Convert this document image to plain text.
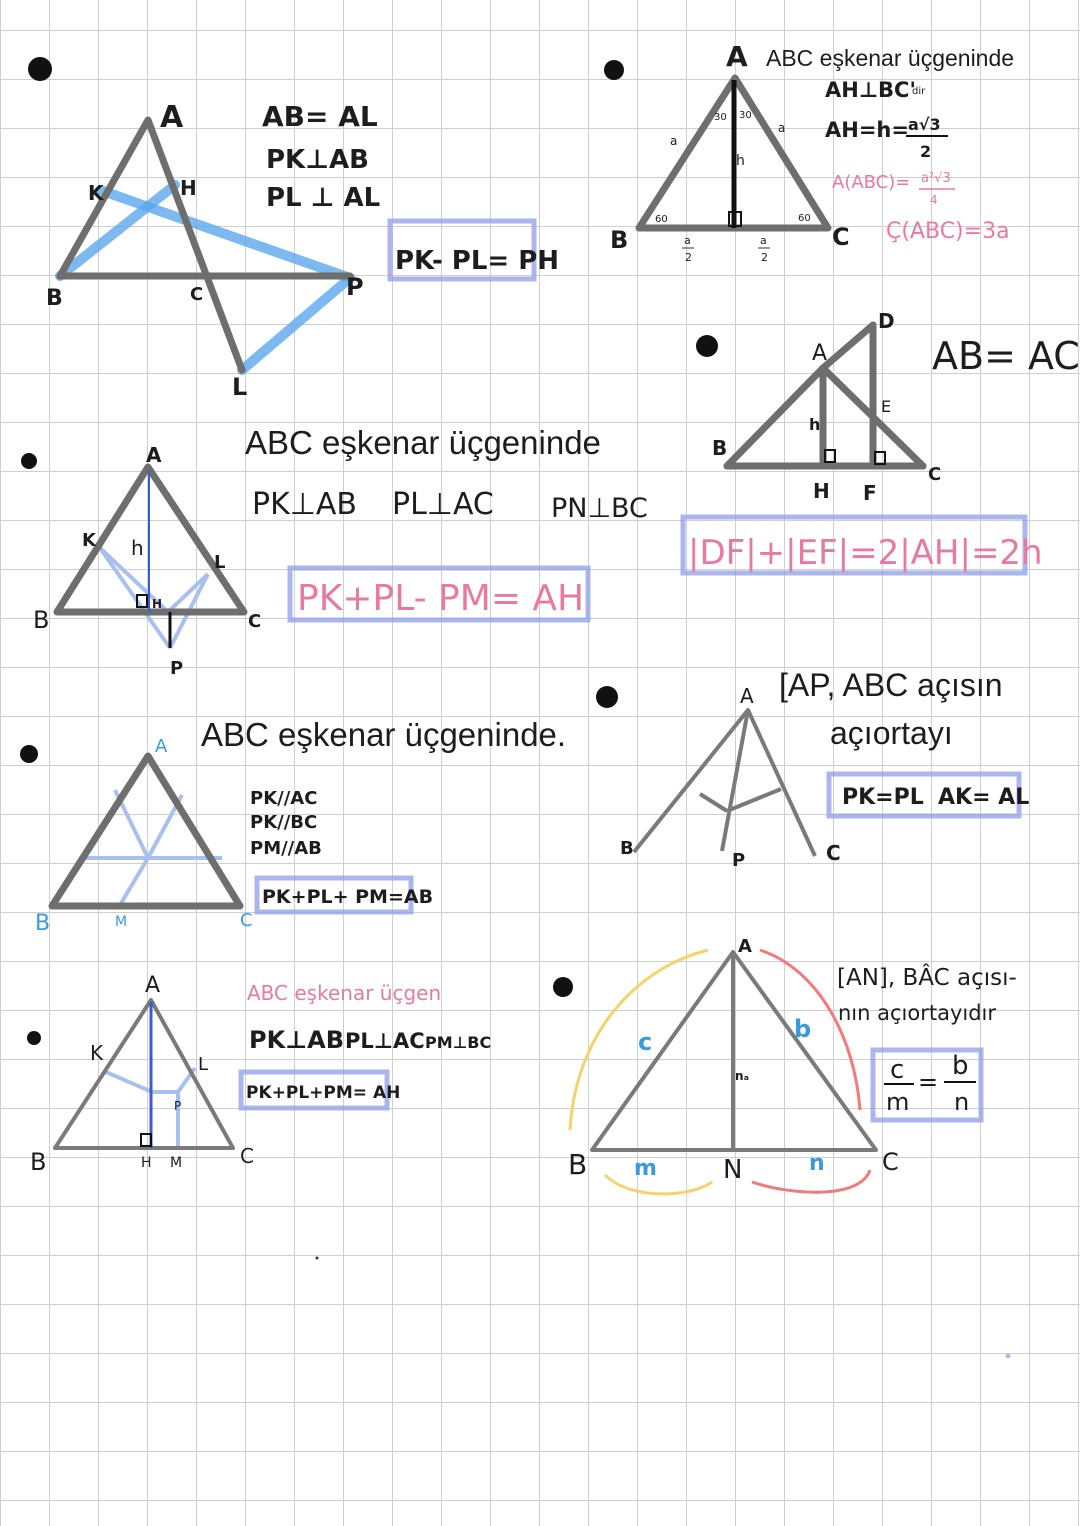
A
B	C
K	H
P
L
AB= AL
PK⊥AB
PL ⊥ AL
PK- PL= PH
A
B	C
h
a
a
30 30
60	60
a
2
a
2
ABC eşkenar üçgeninde
AH⊥BC'
dir
AH=h= a√3
2
A(ABC)= a²√3
4
Ç(ABC)=3a
A
B
C
D
E
h
H F
AB= AC
|DF|+|EF|=2|AH|=2h
A
B	C
K
L
h
H
P
ABC eşkenar üçgeninde
PK⊥AB PL⊥AC PN⊥BC
PK+PL- PM= AH
A
B	C
P
[AP, ABC açısın
açıortayı
PK=PL AK= AL
A
B	C
M
ABC eşkenar üçgeninde.
PK//AC
PK//BC
PM//AB
PK+PL+ PM=AB
A
B	C
K	L
P
H M
ABC eşkenar üçgen
PK⊥AB PL⊥AC PM⊥BC
PK+PL+PM= AH
A
B	C
N
c	b
m	n
nₐ
[AN], BÂC açısı-
nın açıortayıdır
c
m
=
b
n
